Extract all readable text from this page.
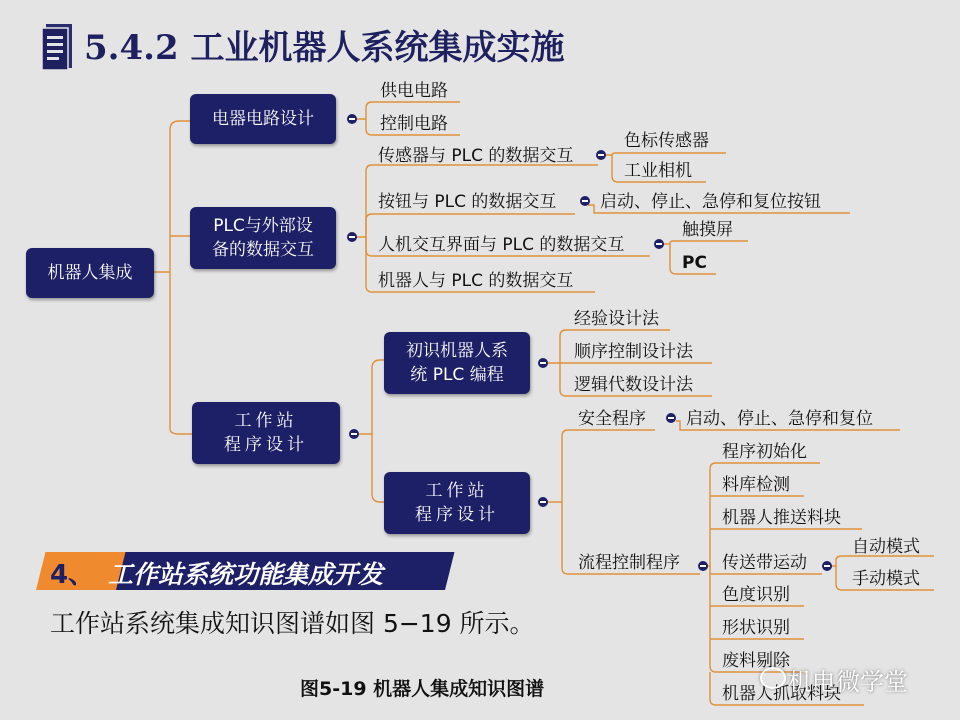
5.4.2 工业机器人系统集成实施
机器人集成
电器电路设计
PLC与外部设
备的数据交互
工作站
程序设计
供电电路
控制电路
传感器与 PLC 的数据交互
色标传感器
工业相机
按钮与 PLC 的数据交互	启动、停止、急停和复位按钮
人机交互界面与 PLC 的数据交互
触摸屏
PC
机器人与 PLC 的数据交互
初识机器人系
统 PLC 编程
经验设计法
顺序控制设计法
逻辑代数设计法
工作站
程序设计
安全程序 启动、停止、急停和复位
流程控制程序
程序初始化
料库检测
机器人推送料块
传送带运动
自动模式
手动模式
色度识别
形状识别
废料剔除
机器人抓取料块
4、 工作站系统功能集成开发
工作站系统集成知识图谱如图 5−19 所示。
图5-19 机器人集成知识图谱	机电微学堂
